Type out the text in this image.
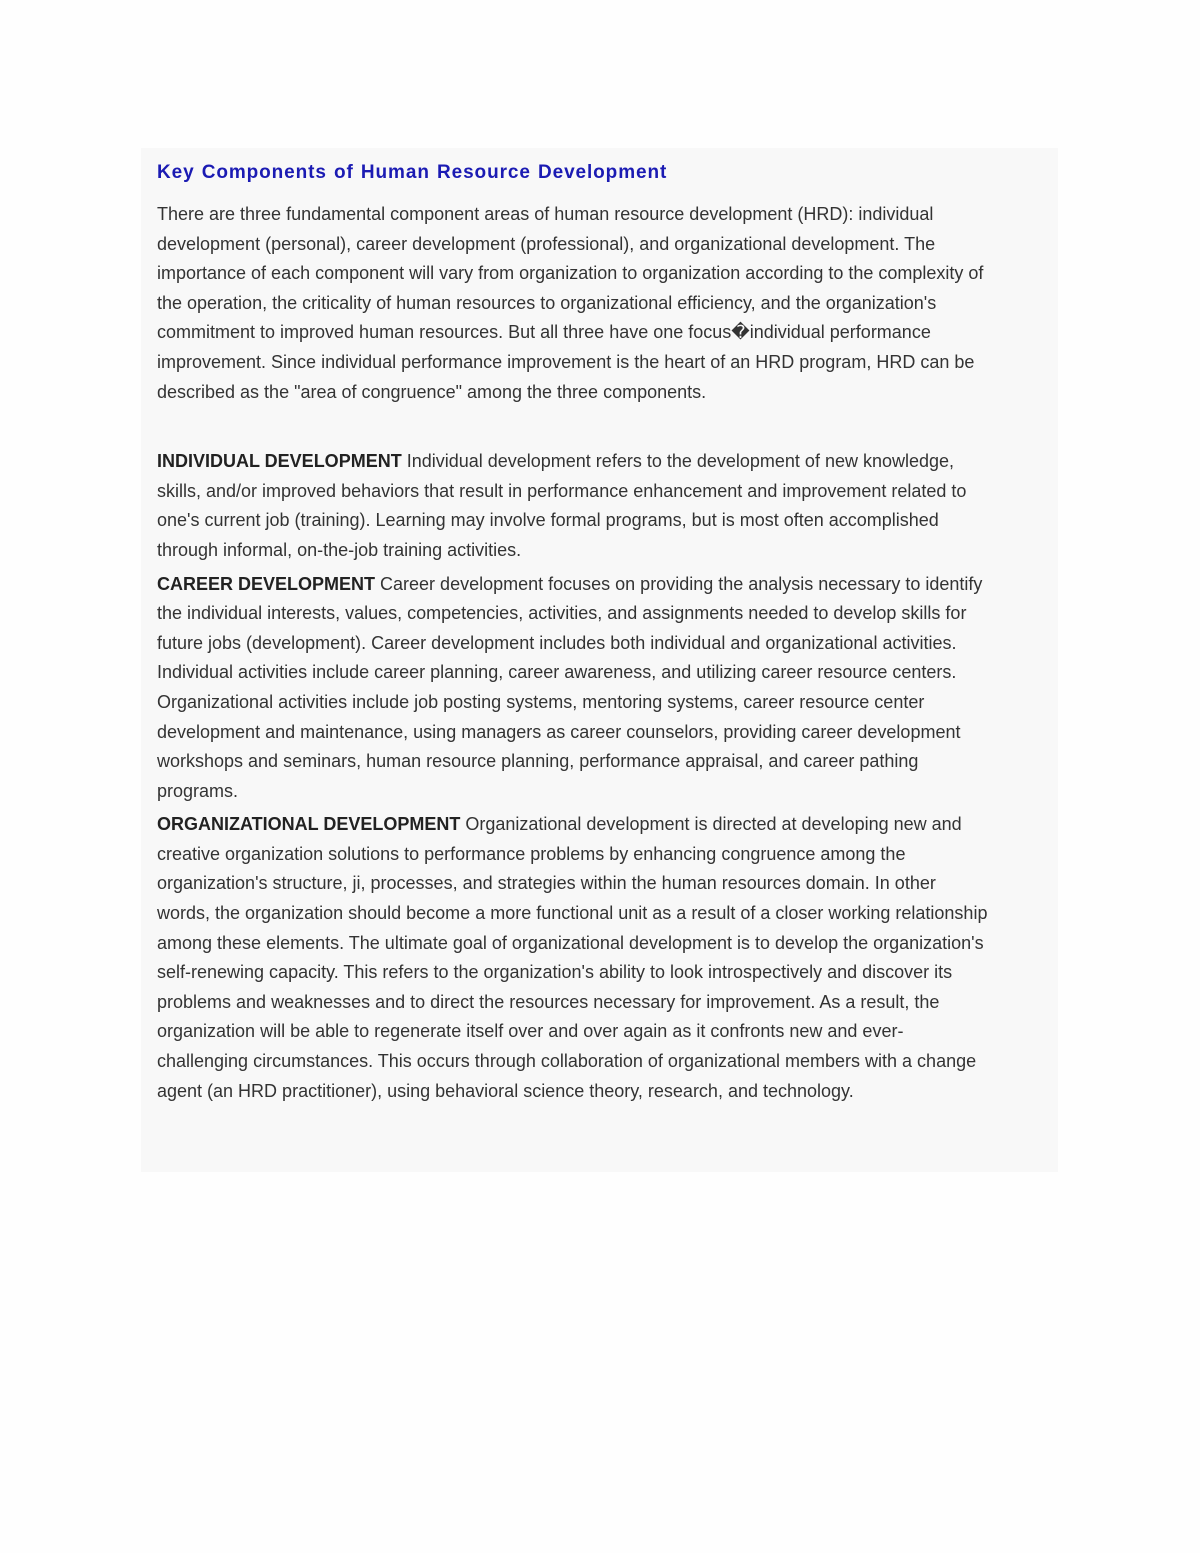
Key Components of Human Resource Development

There are three fundamental component areas of human resource development (HRD): individual development (personal), career development (professional), and organizational development. The importance of each component will vary from organization to organization according to the complexity of the operation, the criticality of human resources to organizational efficiency, and the organization's commitment to improved human resources. But all three have one focus�individual performance improvement. Since individual performance improvement is the heart of an HRD program, HRD can be described as the "area of congruence" among the three components.

INDIVIDUAL DEVELOPMENT Individual development refers to the development of new knowledge, skills, and/or improved behaviors that result in performance enhancement and improvement related to one's current job (training). Learning may involve formal programs, but is most often accomplished through informal, on-the-job training activities.

CAREER DEVELOPMENT Career development focuses on providing the analysis necessary to identify the individual interests, values, competencies, activities, and assignments needed to develop skills for future jobs (development). Career development includes both individual and organizational activities. Individual activities include career planning, career awareness, and utilizing career resource centers. Organizational activities include job posting systems, mentoring systems, career resource center development and maintenance, using managers as career counselors, providing career development workshops and seminars, human resource planning, performance appraisal, and career pathing programs.

ORGANIZATIONAL DEVELOPMENT Organizational development is directed at developing new and creative organization solutions to performance problems by enhancing congruence among the organization's structure, ji, processes, and strategies within the human resources domain. In other words, the organization should become a more functional unit as a result of a closer working relationship among these elements. The ultimate goal of organizational development is to develop the organization's self-renewing capacity. This refers to the organization's ability to look introspectively and discover its problems and weaknesses and to direct the resources necessary for improvement. As a result, the organization will be able to regenerate itself over and over again as it confronts new and ever-challenging circumstances. This occurs through collaboration of organizational members with a change agent (an HRD practitioner), using behavioral science theory, research, and technology.
